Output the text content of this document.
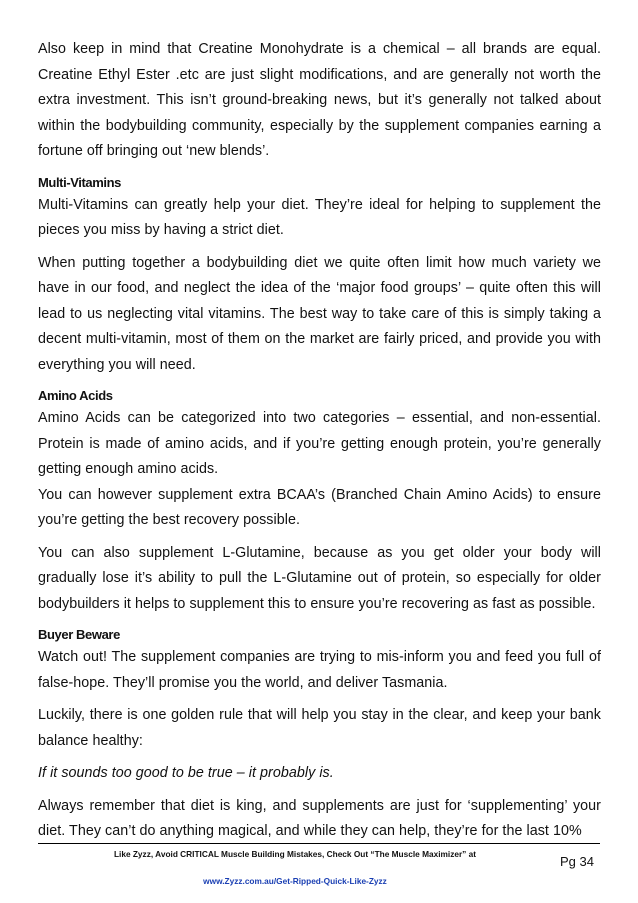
Also keep in mind that Creatine Monohydrate is a chemical – all brands are equal. Creatine Ethyl Ester .etc are just slight modifications, and are generally not worth the extra investment. This isn’t ground-breaking news, but it’s generally not talked about within the bodybuilding community, especially by the supplement companies earning a fortune off bringing out ‘new blends’.

Multi-Vitamins

Multi-Vitamins can greatly help your diet. They’re ideal for helping to supplement the pieces you miss by having a strict diet.

When putting together a bodybuilding diet we quite often limit how much variety we have in our food, and neglect the idea of the ‘major food groups’ – quite often this will lead to us neglecting vital vitamins. The best way to take care of this is simply taking a decent multi-vitamin, most of them on the market are fairly priced, and provide you with everything you will need.

Amino Acids

Amino Acids can be categorized into two categories – essential, and non-essential. Protein is made of amino acids, and if you’re getting enough protein, you’re generally getting enough amino acids.

You can however supplement extra BCAA’s (Branched Chain Amino Acids) to ensure you’re getting the best recovery possible.

You can also supplement L-Glutamine, because as you get older your body will gradually lose it’s ability to pull the L-Glutamine out of protein, so especially for older bodybuilders it helps to supplement this to ensure you’re recovering as fast as possible.

Buyer Beware

Watch out! The supplement companies are trying to mis-inform you and feed you full of false-hope. They’ll promise you the world, and deliver Tasmania.

Luckily, there is one golden rule that will help you stay in the clear, and keep your bank balance healthy:

If it sounds too good to be true – it probably is.

Always remember that diet is king, and supplements are just for ‘supplementing’ your diet. They can’t do anything magical, and while they can help, they’re for the last 10%

Like Zyzz, Avoid CRITICAL Muscle Building Mistakes, Check Out “The Muscle Maximizer” at
www.Zyzz.com.au/Get-Ripped-Quick-Like-Zyzz
Pg 34
